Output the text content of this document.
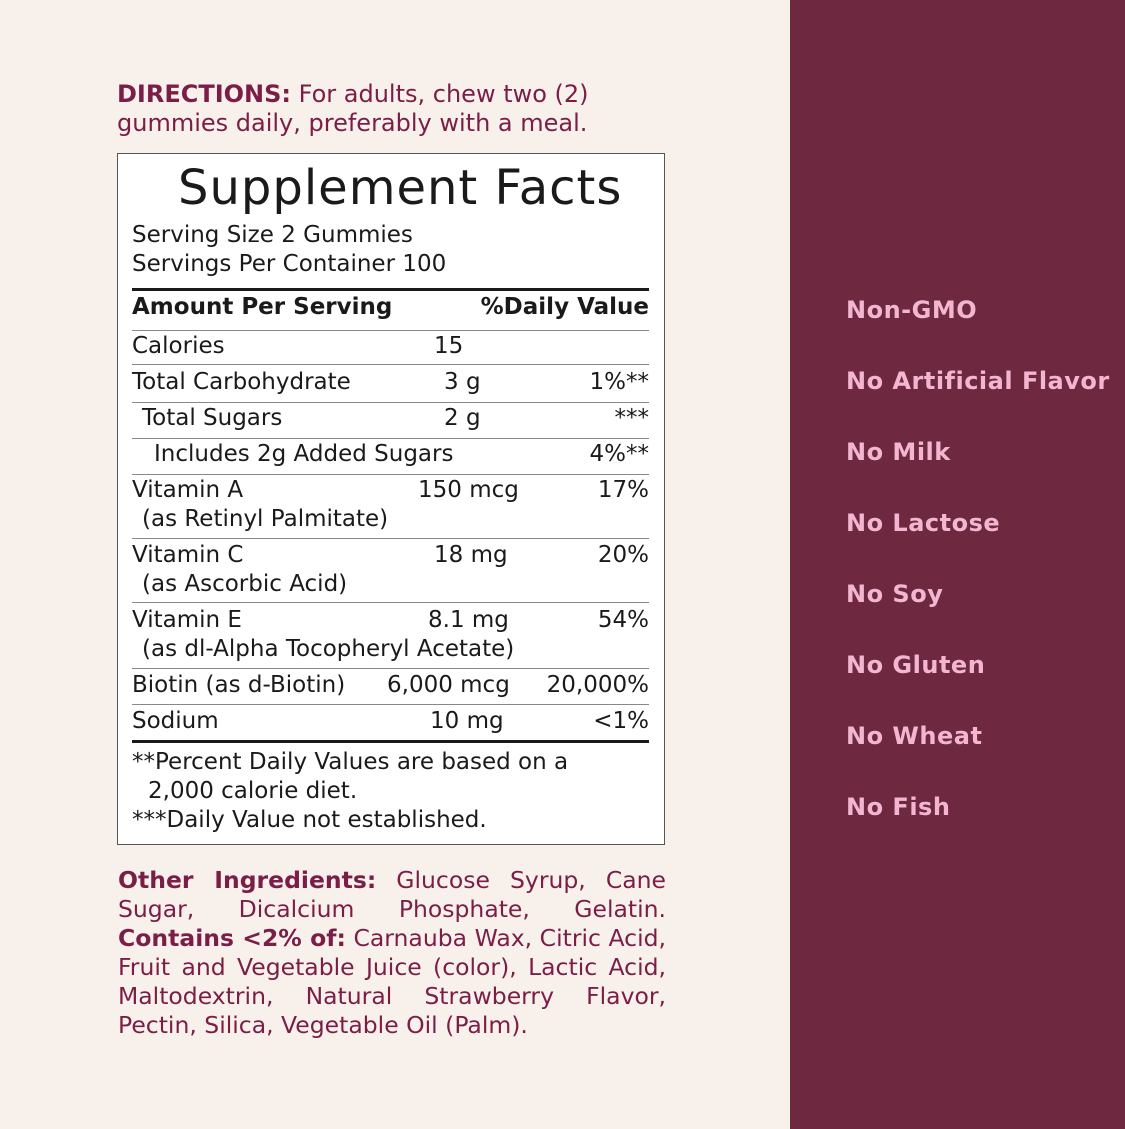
DIRECTIONS: For adults, chew two (2) gummies daily, preferably with a meal.
Supplement Facts
Serving Size 2 Gummies
Servings Per Container 100
Amount Per Serving	%Daily Value
Calories	15
Total Carbohydrate	3 g	1%**
Total Sugars	2 g	***
Includes 2g Added Sugars	4%**
Vitamin A
(as Retinyl Palmitate)
150 mcg	17%
Vitamin C
(as Ascorbic Acid)
18 mg	20%
Vitamin E
(as dl-Alpha Tocopheryl Acetate)
8.1 mg	54%
Biotin (as d-Biotin) 6,000 mcg 20,000%
Sodium	10 mg	<1%
**Percent Daily Values are based on a
2,000 calorie diet.
***Daily Value not established.
Other Ingredients: Glucose Syrup, Cane Sugar, Dicalcium Phosphate, Gelatin. Contains <2% of: Carnauba Wax, Citric Acid, Fruit and Vegetable Juice (color), Lactic Acid, Maltodextrin, Natural Strawberry Flavor, Pectin, Silica, Vegetable Oil (Palm).
Non-GMO
No Artificial Flavor
No Milk
No Lactose
No Soy
No Gluten
No Wheat
No Fish
